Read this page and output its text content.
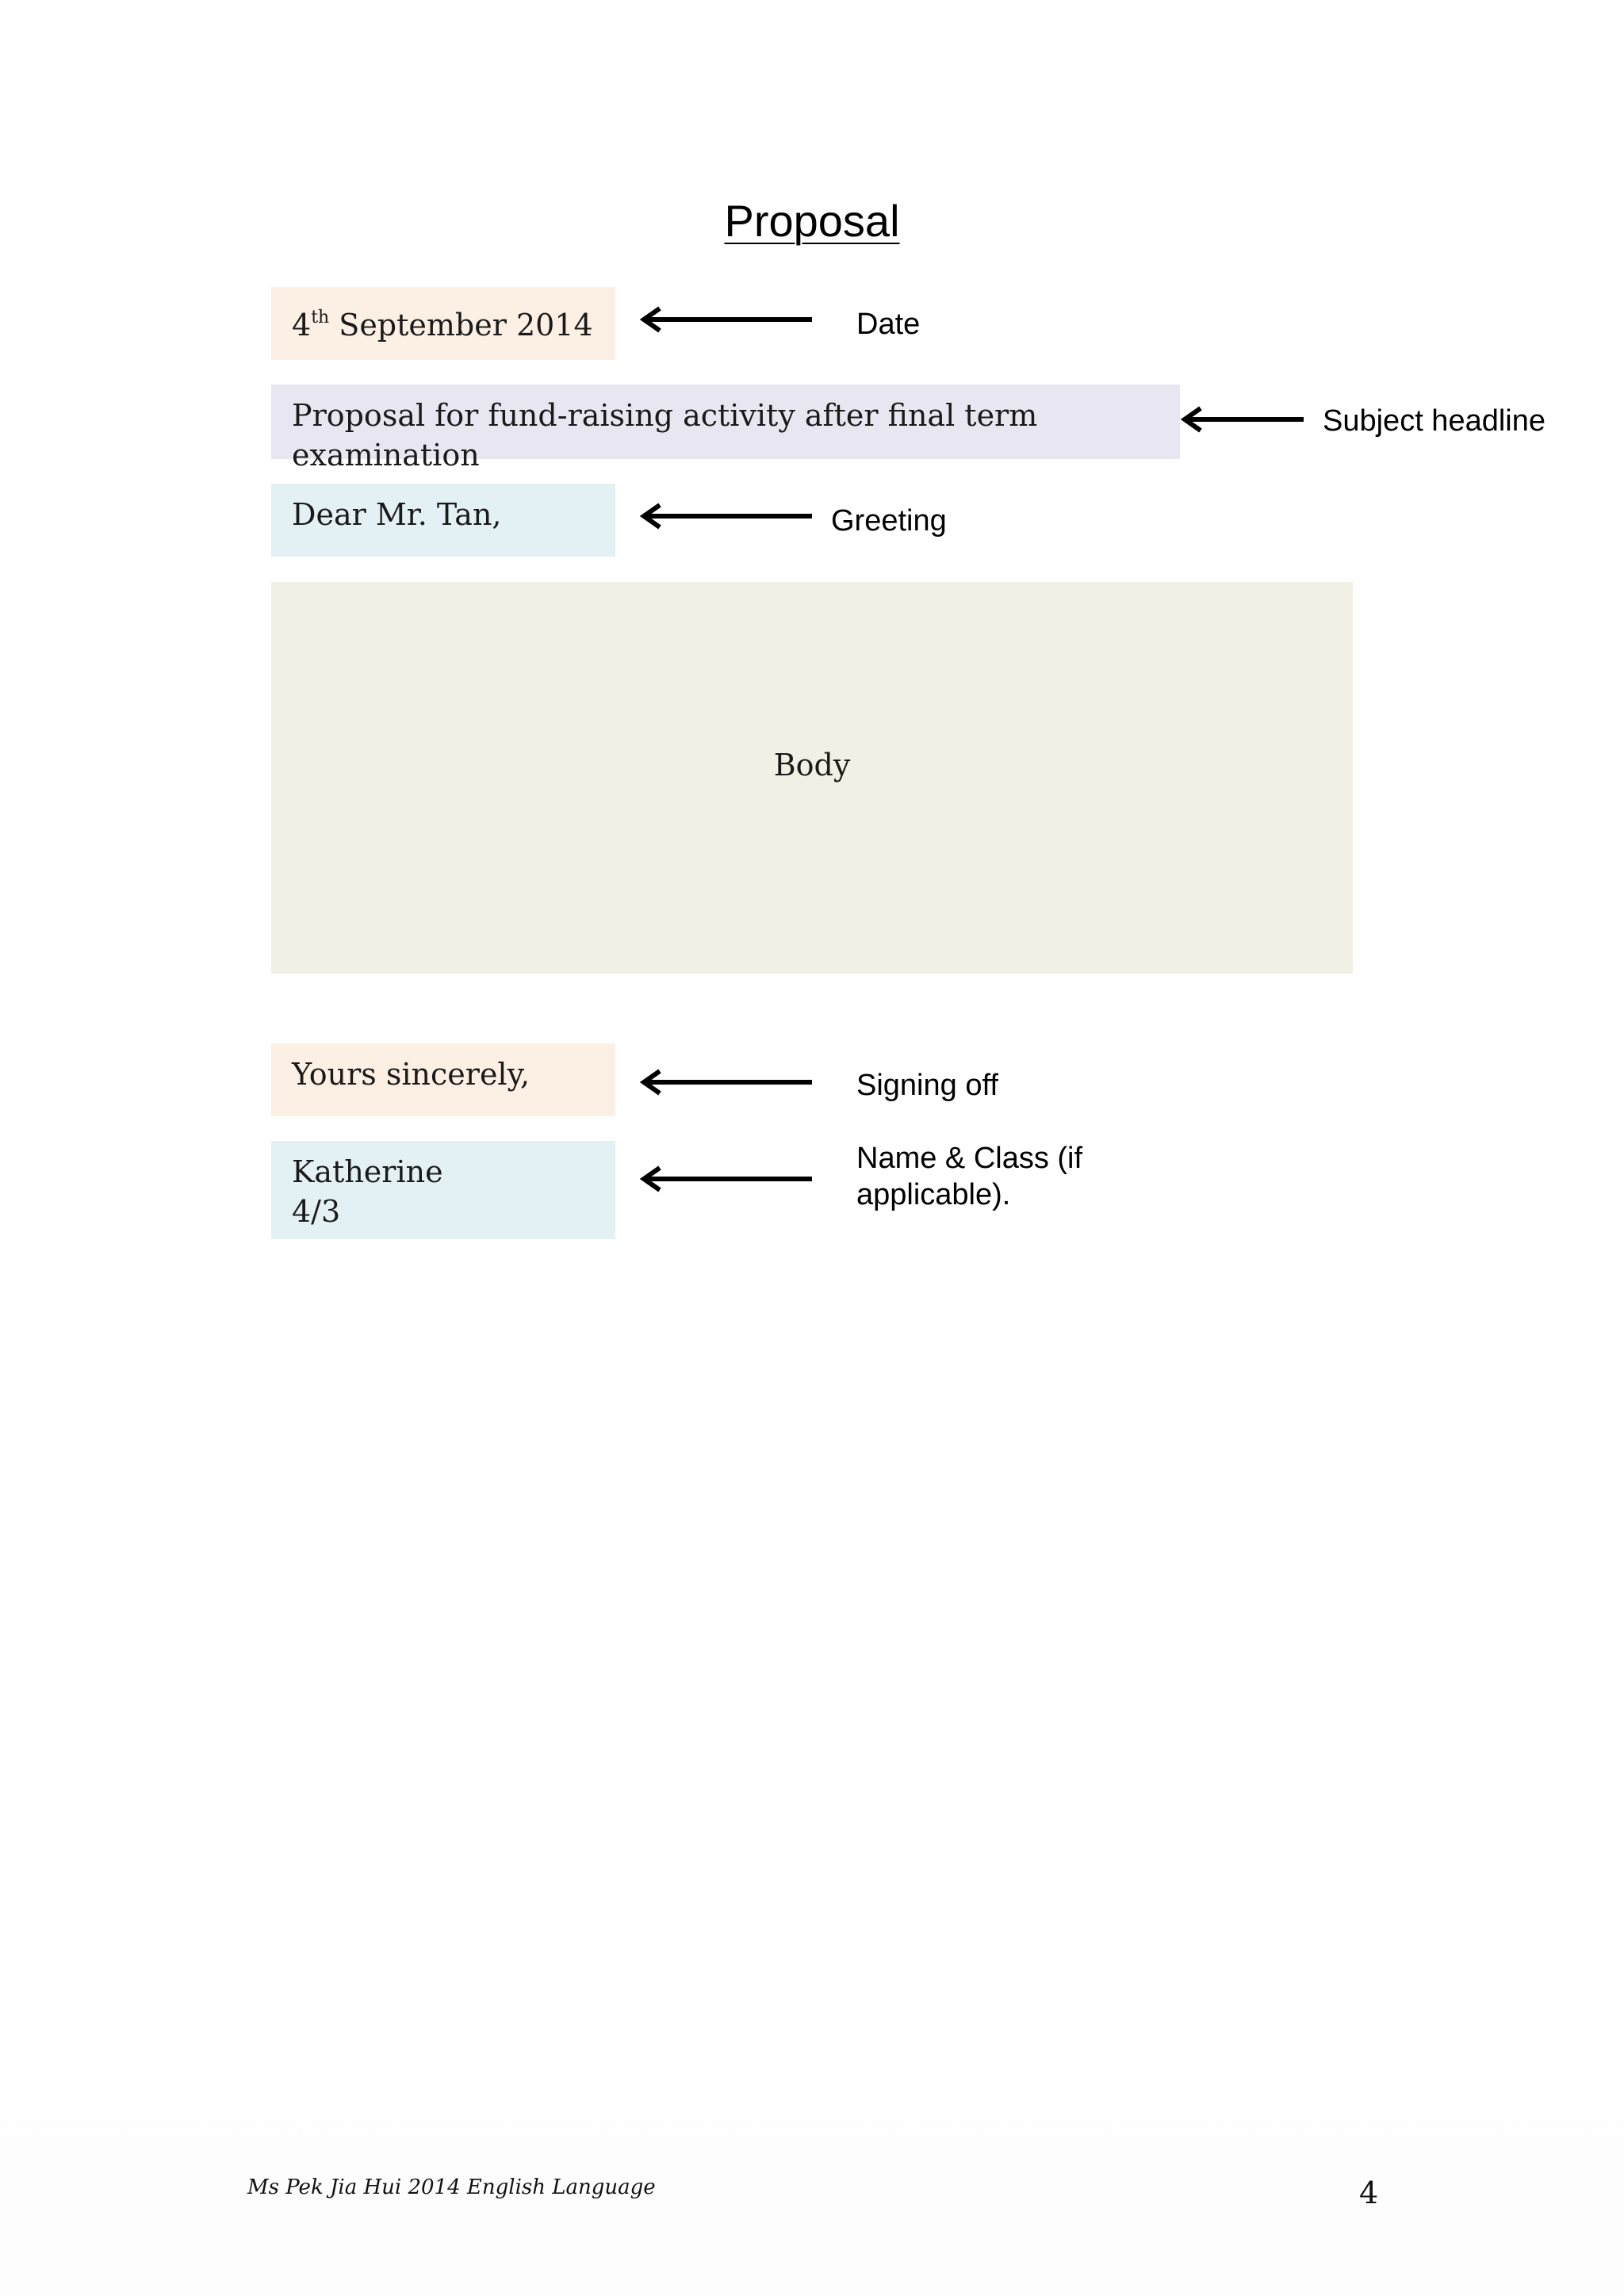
Proposal
4th September 2014	Date
Proposal for fund-raising activity after final term examination
Subject headline
Dear Mr. Tan,	Greeting
Body
Yours sincerely,	Signing off
Katherine
4/3
Name & Class (if
applicable).
Ms Pek Jia Hui 2014 English Language	4
